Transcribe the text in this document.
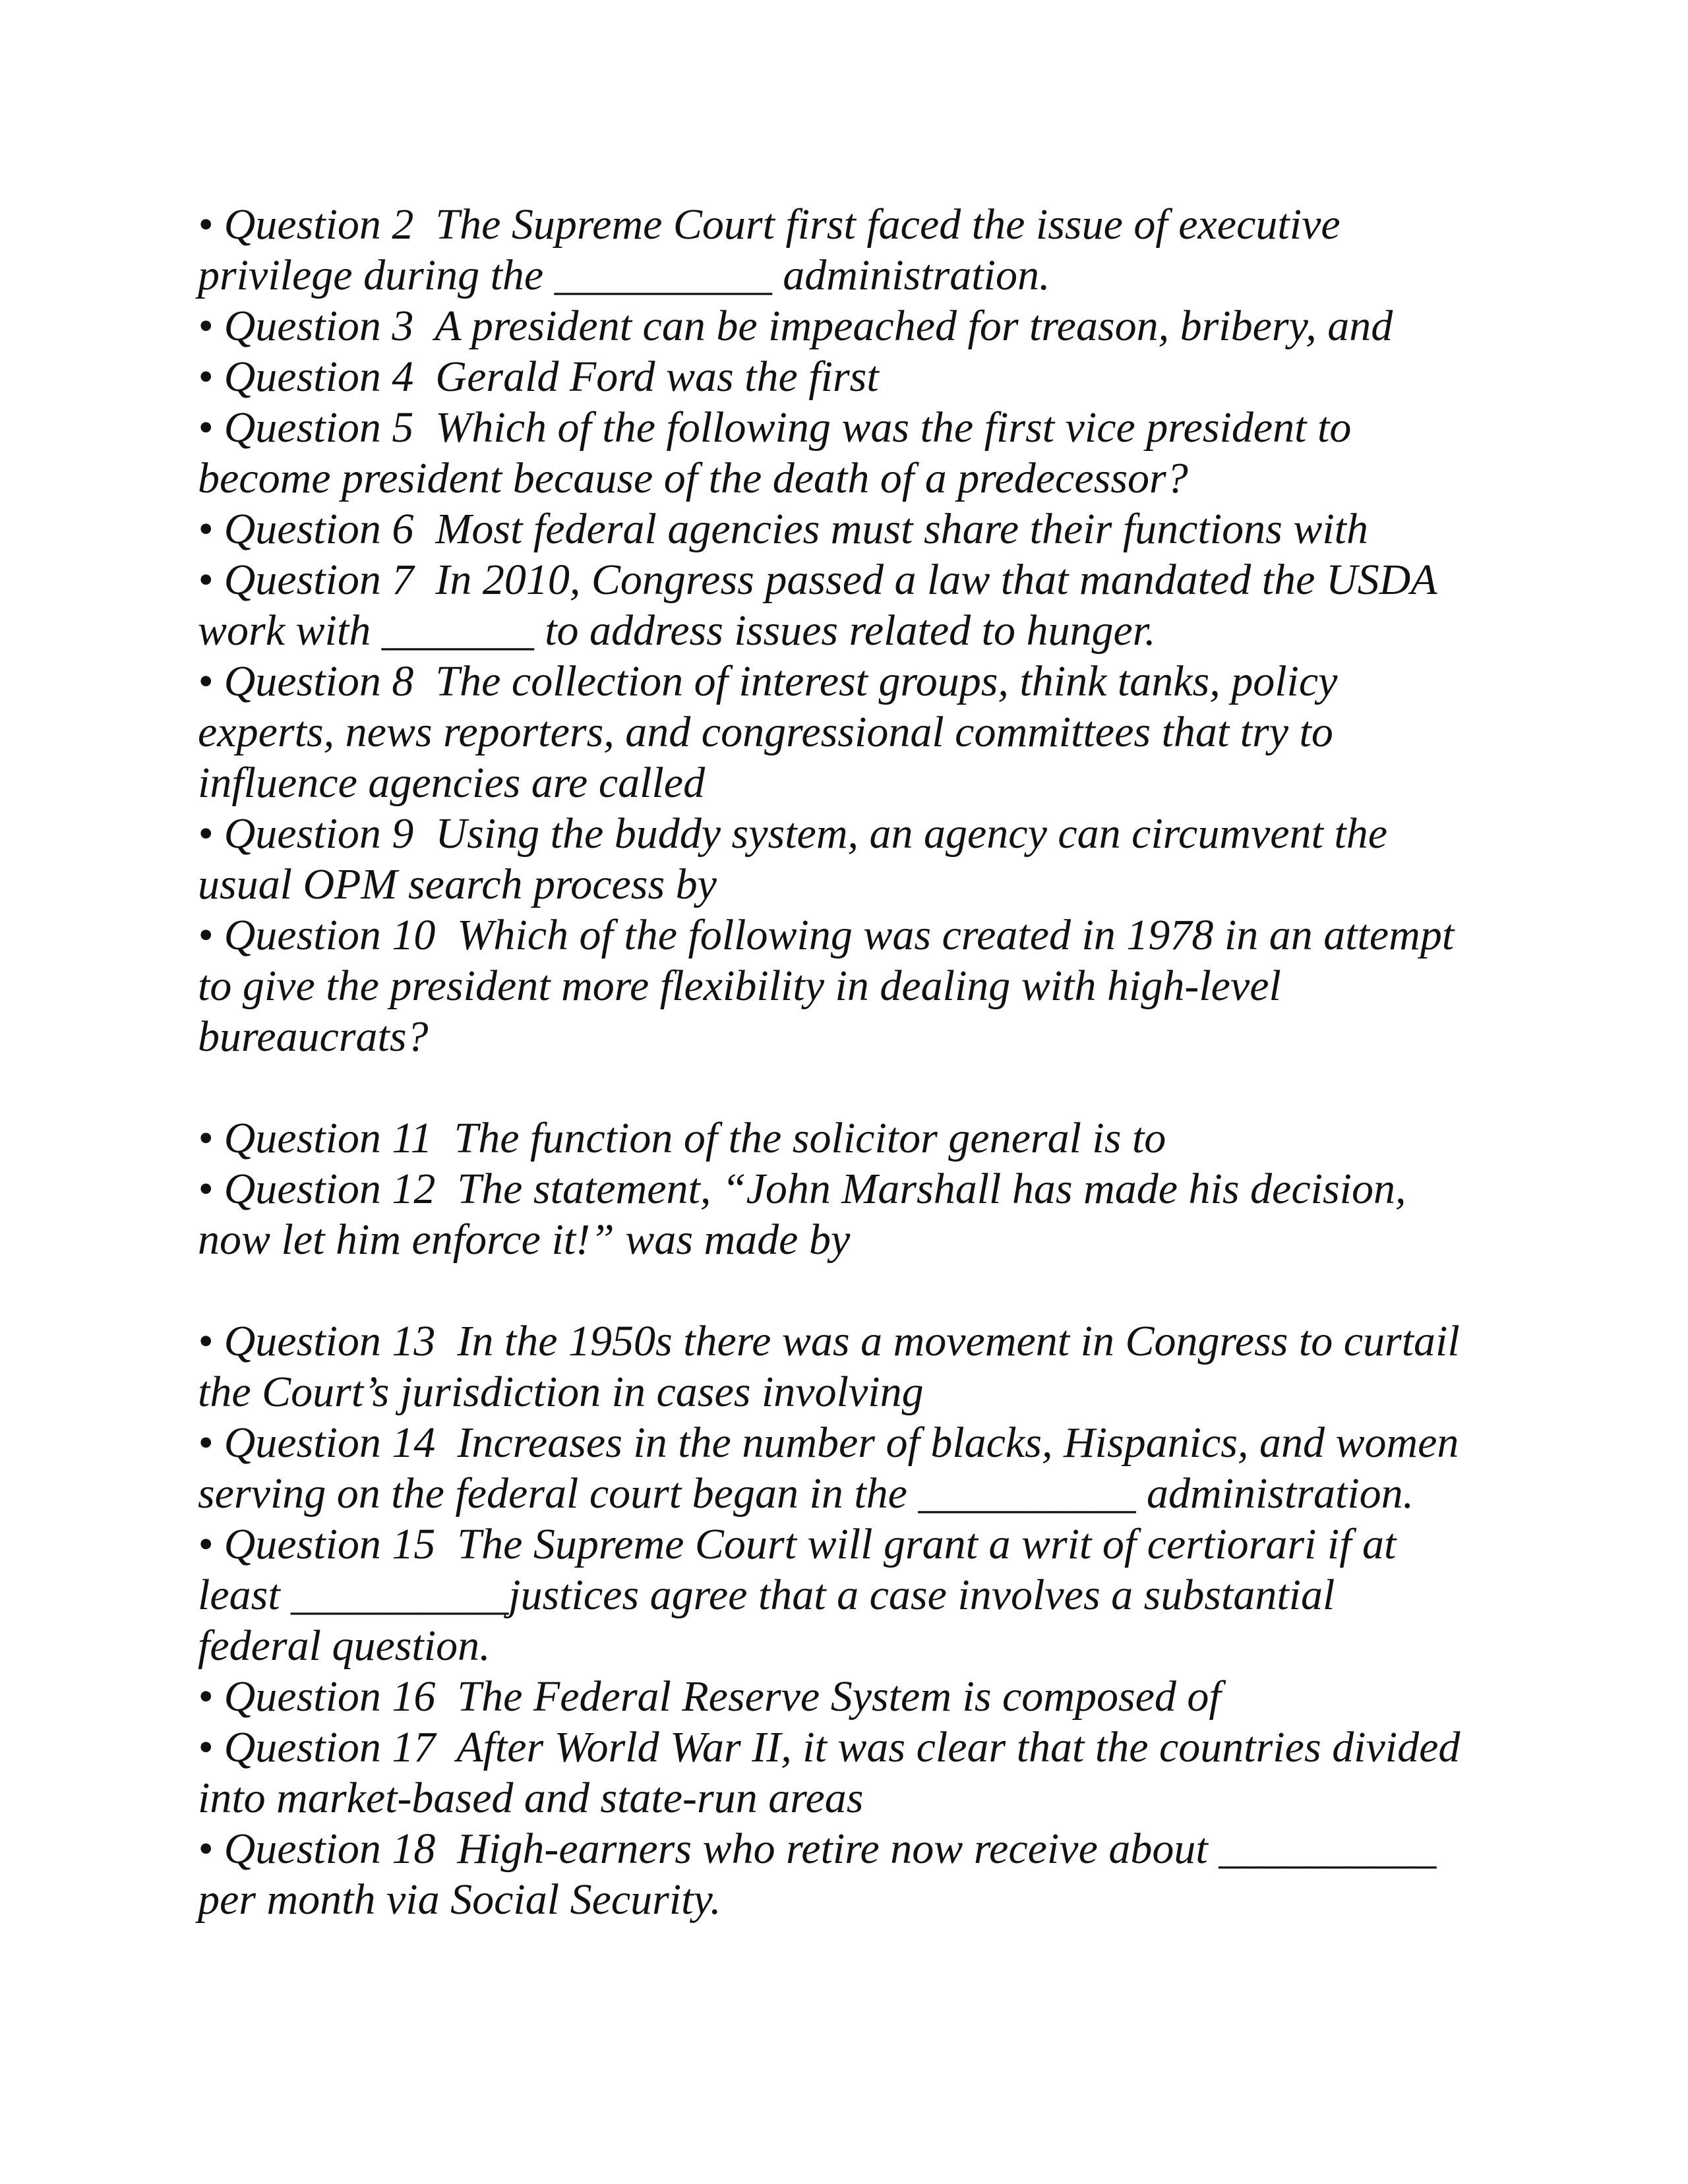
• Question 2  The Supreme Court first faced the issue of executive
privilege during the __________ administration.

• Question 3  A president can be impeached for treason, bribery, and

• Question 4  Gerald Ford was the first

• Question 5  Which of the following was the first vice president to
become president because of the death of a predecessor?

• Question 6  Most federal agencies must share their functions with

• Question 7  In 2010, Congress passed a law that mandated the USDA
work with _______ to address issues related to hunger.

• Question 8  The collection of interest groups, think tanks, policy
experts, news reporters, and congressional committees that try to
influence agencies are called

• Question 9  Using the buddy system, an agency can circumvent the
usual OPM search process by

• Question 10  Which of the following was created in 1978 in an attempt
to give the president more flexibility in dealing with high-level
bureaucrats?

• Question 11  The function of the solicitor general is to

• Question 12  The statement, “John Marshall has made his decision,
now let him enforce it!” was made by

• Question 13  In the 1950s there was a movement in Congress to curtail
the Court’s jurisdiction in cases involving

• Question 14  Increases in the number of blacks, Hispanics, and women
serving on the federal court began in the __________ administration.

• Question 15  The Supreme Court will grant a writ of certiorari if at
least __________justices agree that a case involves a substantial
federal question.

• Question 16  The Federal Reserve System is composed of

• Question 17  After World War II, it was clear that the countries divided
into market-based and state-run areas

• Question 18  High-earners who retire now receive about __________
per month via Social Security.
